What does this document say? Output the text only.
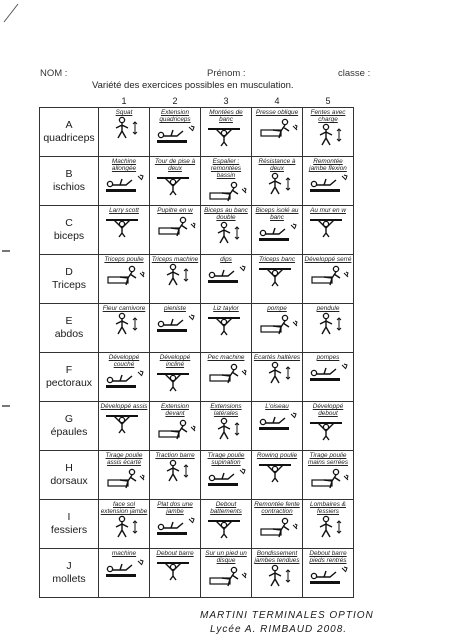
NOM :	Prénom :	classe :
Variété des exercices possibles en musculation.
	1	2	3	4	5

A
quadriceps	Squat	Extension quadriceps	Montées de banc	Presse oblique	Fentes avec charge

B
ischios	Machine allongée	Tour de pise à deux	Espalier : remontées bassin	Résistance à deux	Remontée jambe flexion

C
biceps	Larry scott	Pupitre en w	Biceps au banc double	Biceps isolé au banc	Au mur en w

D
Triceps	Triceps poulie	Triceps machine	dips	Triceps banc	Développé serré

E
abdos	Fleur carnivore	pieniste	Liz taylor	pompe	pendule

F
pectoraux	Développé couché	Développé incliné	Pec machine	Ecartés haltères	pompes

G
épaules	Développé assis	Extension devant	Extensions latérales	L'oiseau	Développé debout

H
dorsaux	Tirage poulie assis écarté	Traction barre	Tirage poulie supination	Rowing poulie	Tirage poulie mains serrées

I
fessiers	face sol extension jambe	Plat dos une jambe	Debout battements	Remontée fente contraction	Lombaires & fessiers

J
mollets	machine	Debout barre	Sur un pied un disque	Bondissement jambes tendues	Debout barre pieds rentrés
MARTINI TERMINALES OPTION
Lycée A. RIMBAUD 2008.
